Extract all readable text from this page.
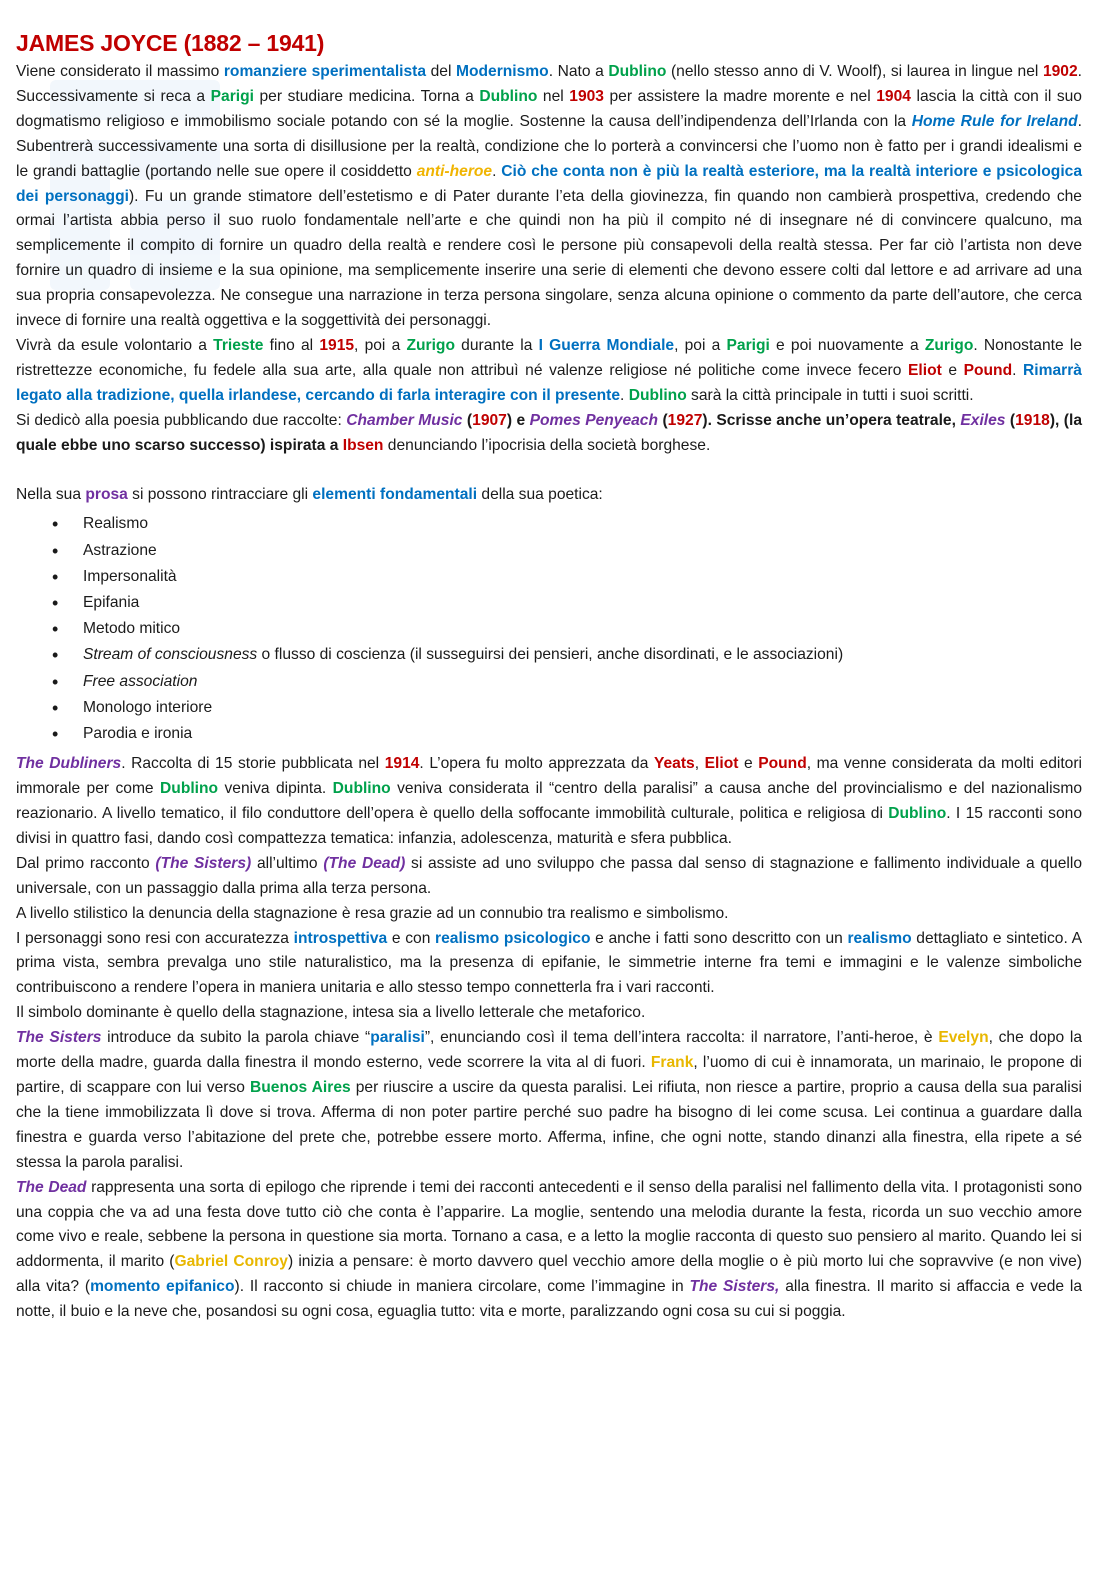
JAMES JOYCE (1882 – 1941)

Viene considerato il massimo romanziere sperimentalista del Modernismo. Nato a Dublino (nello stesso anno di V. Woolf), si laurea in lingue nel 1902. Successivamente si reca a Parigi per studiare medicina. Torna a Dublino nel 1903 per assistere la madre morente e nel 1904 lascia la città con il suo dogmatismo religioso e immobilismo sociale potando con sé la moglie. Sostenne la causa dell’indipendenza dell’Irlanda con la Home Rule for Ireland. Subentrerà successivamente una sorta di disillusione per la realtà, condizione che lo porterà a convincersi che l’uomo non è fatto per i grandi idealismi e le grandi battaglie (portando nelle sue opere il cosiddetto anti-heroe. Ciò che conta non è più la realtà esteriore, ma la realtà interiore e psicologica dei personaggi). Fu un grande stimatore dell’estetismo e di Pater durante l’eta della giovinezza, fin quando non cambierà prospettiva, credendo che ormai l’artista abbia perso il suo ruolo fondamentale nell’arte e che quindi non ha più il compito né di insegnare né di convincere qualcuno, ma semplicemente il compito di fornire un quadro della realtà e rendere così le persone più consapevoli della realtà stessa. Per far ciò l’artista non deve fornire un quadro di insieme e la sua opinione, ma semplicemente inserire una serie di elementi che devono essere colti dal lettore e ad arrivare ad una sua propria consapevolezza. Ne consegue una narrazione in terza persona singolare, senza alcuna opinione o commento da parte dell’autore, che cerca invece di fornire una realtà oggettiva e la soggettività dei personaggi.

Vivrà da esule volontario a Trieste fino al 1915, poi a Zurigo durante la I Guerra Mondiale, poi a Parigi e poi nuovamente a Zurigo. Nonostante le ristrettezze economiche, fu fedele alla sua arte, alla quale non attribuì né valenze religiose né politiche come invece fecero Eliot e Pound. Rimarrà legato alla tradizione, quella irlandese, cercando di farla interagire con il presente. Dublino sarà la città principale in tutti i suoi scritti.

Si dedicò alla poesia pubblicando due raccolte: Chamber Music (1907) e Pomes Penyeach (1927). Scrisse anche un’opera teatrale, Exiles (1918), (la quale ebbe uno scarso successo) ispirata a Ibsen denunciando l’ipocrisia della società borghese.

Nella sua prosa si possono rintracciare gli elementi fondamentali della sua poetica:

• Realismo
• Astrazione
• Impersonalità
• Epifania
• Metodo mitico
• Stream of consciousness o flusso di coscienza (il susseguirsi dei pensieri, anche disordinati, e le associazioni)
• Free association
• Monologo interiore
• Parodia e ironia

The Dubliners. Raccolta di 15 storie pubblicata nel 1914. L’opera fu molto apprezzata da Yeats, Eliot e Pound, ma venne considerata da molti editori immorale per come Dublino veniva dipinta. Dublino veniva considerata il “centro della paralisi” a causa anche del provincialismo e del nazionalismo reazionario. A livello tematico, il filo conduttore dell’opera è quello della soffocante immobilità culturale, politica e religiosa di Dublino. I 15 racconti sono divisi in quattro fasi, dando così compattezza tematica: infanzia, adolescenza, maturità e sfera pubblica.

Dal primo racconto (The Sisters) all’ultimo (The Dead) si assiste ad uno sviluppo che passa dal senso di stagnazione e fallimento individuale a quello universale, con un passaggio dalla prima alla terza persona.

A livello stilistico la denuncia della stagnazione è resa grazie ad un connubio tra realismo e simbolismo.

I personaggi sono resi con accuratezza introspettiva e con realismo psicologico e anche i fatti sono descritto con un realismo dettagliato e sintetico. A prima vista, sembra prevalga uno stile naturalistico, ma la presenza di epifanie, le simmetrie interne fra temi e immagini e le valenze simboliche contribuiscono a rendere l’opera in maniera unitaria e allo stesso tempo connetterla fra i vari racconti.

Il simbolo dominante è quello della stagnazione, intesa sia a livello letterale che metaforico.

The Sisters introduce da subito la parola chiave “paralisi”, enunciando così il tema dell’intera raccolta: il narratore, l’anti-heroe, è Evelyn, che dopo la morte della madre, guarda dalla finestra il mondo esterno, vede scorrere la vita al di fuori. Frank, l’uomo di cui è innamorata, un marinaio, le propone di partire, di scappare con lui verso Buenos Aires per riuscire a uscire da questa paralisi. Lei rifiuta, non riesce a partire, proprio a causa della sua paralisi che la tiene immobilizzata lì dove si trova. Afferma di non poter partire perché suo padre ha bisogno di lei come scusa. Lei continua a guardare dalla finestra e guarda verso l’abitazione del prete che, potrebbe essere morto. Afferma, infine, che ogni notte, stando dinanzi alla finestra, ella ripete a sé stessa la parola paralisi.

The Dead rappresenta una sorta di epilogo che riprende i temi dei racconti antecedenti e il senso della paralisi nel fallimento della vita. I protagonisti sono una coppia che va ad una festa dove tutto ciò che conta è l’apparire. La moglie, sentendo una melodia durante la festa, ricorda un suo vecchio amore come vivo e reale, sebbene la persona in questione sia morta. Tornano a casa, e a letto la moglie racconta di questo suo pensiero al marito. Quando lei si addormenta, il marito (Gabriel Conroy) inizia a pensare: è morto davvero quel vecchio amore della moglie o è più morto lui che sopravvive (e non vive) alla vita? (momento epifanico). Il racconto si chiude in maniera circolare, come l’immagine in The Sisters, alla finestra. Il marito si affaccia e vede la notte, il buio e la neve che, posandosi su ogni cosa, eguaglia tutto: vita e morte, paralizzando ogni cosa su cui si poggia.
